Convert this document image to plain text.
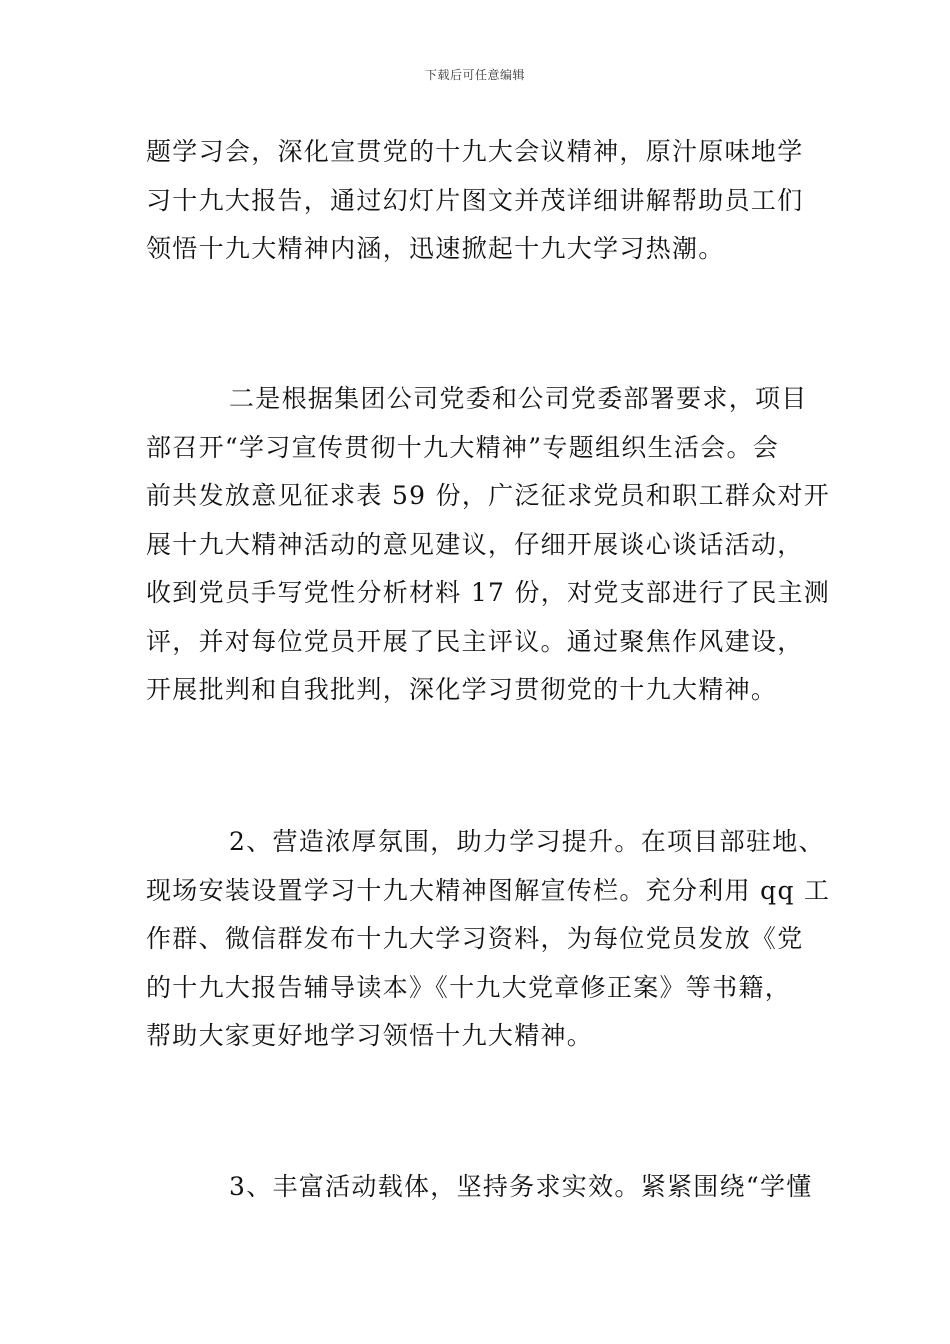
下载后可任意编辑
题学习会，深化宣贯党的十九大会议精神，原汁原味地学
习十九大报告，通过幻灯片图文并茂详细讲解帮助员工们
领悟十九大精神内涵，迅速掀起十九大学习热潮。
二是根据集团公司党委和公司党委部署要求，项目
部召开“学习宣传贯彻十九大精神”专题组织生活会。会
前共发放意见征求表 59 份，广泛征求党员和职工群众对开
展十九大精神活动的意见建议，仔细开展谈心谈话活动，
收到党员手写党性分析材料 17 份，对党支部进行了民主测
评，并对每位党员开展了民主评议。通过聚焦作风建设，
开展批判和自我批判，深化学习贯彻党的十九大精神。
2、营造浓厚氛围，助力学习提升。在项目部驻地、
现场安装设置学习十九大精神图解宣传栏。充分利用 qq 工
作群、微信群发布十九大学习资料，为每位党员发放《党
的十九大报告辅导读本》《十九大党章修正案》等书籍，
帮助大家更好地学习领悟十九大精神。
3、丰富活动载体，坚持务求实效。紧紧围绕“学懂
